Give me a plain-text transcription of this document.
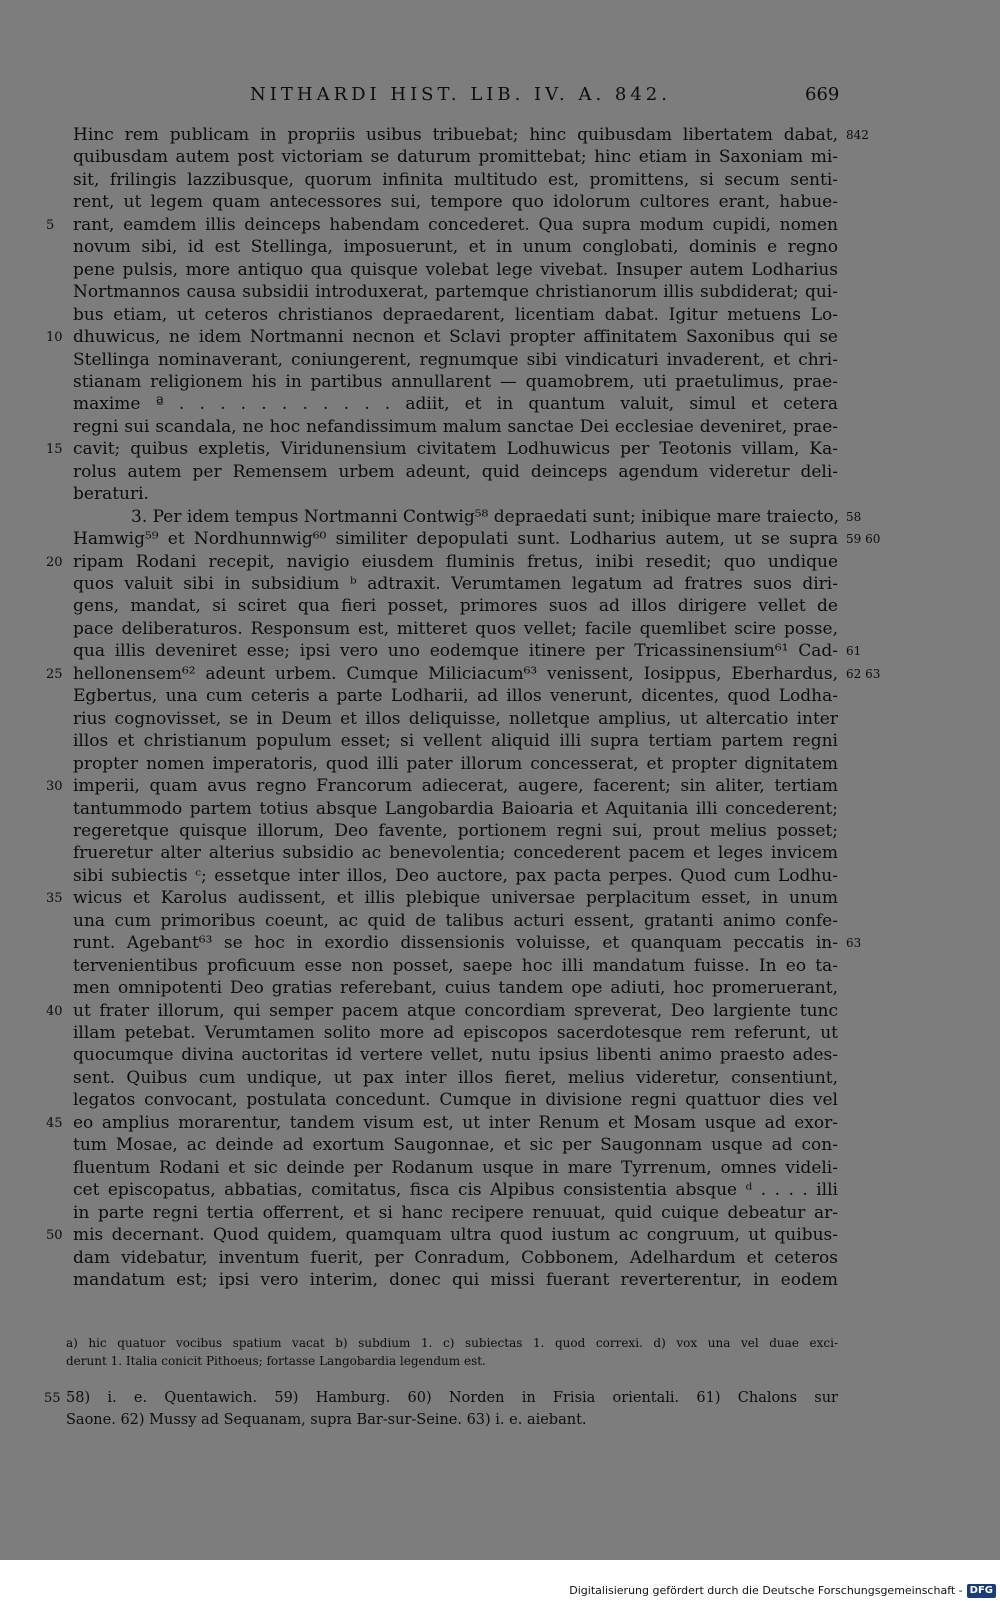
NITHARDI HIST. LIB. IV. A. 842.	669
Hinc rem publicam in propriis usibus tribuebat; hinc quibusdam libertatem dabat, 842
quibusdam autem post victoriam se daturum promittebat; hinc etiam in Saxoniam mi-
sit, frilingis lazzibusque, quorum infinita multitudo est, promittens, si secum senti-
rent, ut legem quam antecessores sui, tempore quo idolorum cultores erant, habue-
rant, eamdem illis deinceps habendam concederet. Qua supra modum cupidi, nomen
5
novum sibi, id est Stellinga, imposuerunt, et in unum conglobati, dominis e regno
pene pulsis, more antiquo qua quisque volebat lege vivebat. Insuper autem Lodharius
Nortmannos causa subsidii introduxerat, partemque christianorum illis subdiderat; qui-
bus etiam, ut ceteros christianos depraedarent, licentiam dabat. Igitur metuens Lo-
dhuwicus, ne idem Nortmanni necnon et Sclavi propter affinitatem Saxonibus qui se
10
Stellinga nominaverant, coniungerent, regnumque sibi vindicaturi invaderent, et chri-
stianam religionem his in partibus annullarent — quamobrem, uti praetulimus, prae-
maxime ª . . . . . . . . . . . adiit, et in quantum valuit, simul et cetera
regni sui scandala, ne hoc nefandissimum malum sanctae Dei ecclesiae deveniret, prae-
cavit; quibus expletis, Viridunensium civitatem Lodhuwicus per Teotonis villam, Ka-
15
rolus autem per Remensem urbem adeunt, quid deinceps agendum videretur deli-
beraturi.
3. Per idem tempus Nortmanni Contwig⁵⁸ depraedati sunt; inibique mare traiecto, 58
Hamwig⁵⁹ et Nordhunnwig⁶⁰ similiter depopulati sunt. Lodharius autem, ut se supra 59 60
ripam Rodani recepit, navigio eiusdem fluminis fretus, inibi resedit; quo undique
20
quos valuit sibi in subsidium ᵇ adtraxit. Verumtamen legatum ad fratres suos diri-
gens, mandat, si sciret qua fieri posset, primores suos ad illos dirigere vellet de
pace deliberaturos. Responsum est, mitteret quos vellet; facile quemlibet scire posse,
qua illis deveniret esse; ipsi vero uno eodemque itinere per Tricassinensium⁶¹ Cad- 61
hellonensem⁶² adeunt urbem. Cumque Miliciacum⁶³ venissent, Iosippus, Eberhardus,
25	62 63
Egbertus, una cum ceteris a parte Lodharii, ad illos venerunt, dicentes, quod Lodha-
rius cognovisset, se in Deum et illos deliquisse, nolletque amplius, ut altercatio inter
illos et christianum populum esset; si vellent aliquid illi supra tertiam partem regni
propter nomen imperatoris, quod illi pater illorum concesserat, et propter dignitatem
imperii, quam avus regno Francorum adiecerat, augere, facerent; sin aliter, tertiam
30
tantummodo partem totius absque Langobardia Baioaria et Aquitania illi concederent;
regeretque quisque illorum, Deo favente, portionem regni sui, prout melius posset;
frueretur alter alterius subsidio ac benevolentia; concederent pacem et leges invicem
sibi subiectis ᶜ; essetque inter illos, Deo auctore, pax pacta perpes. Quod cum Lodhu-
wicus et Karolus audissent, et illis plebique universae perplacitum esset, in unum
35
una cum primoribus coeunt, ac quid de talibus acturi essent, gratanti animo confe-
runt. Agebant⁶³ se hoc in exordio dissensionis voluisse, et quanquam peccatis in- 63
tervenientibus proficuum esse non posset, saepe hoc illi mandatum fuisse. In eo ta-
men omnipotenti Deo gratias referebant, cuius tandem ope adiuti, hoc promeruerant,
ut frater illorum, qui semper pacem atque concordiam spreverat, Deo largiente tunc
40
illam petebat. Verumtamen solito more ad episcopos sacerdotesque rem referunt, ut
quocumque divina auctoritas id vertere vellet, nutu ipsius libenti animo praesto ades-
sent. Quibus cum undique, ut pax inter illos fieret, melius videretur, consentiunt,
legatos convocant, postulata concedunt. Cumque in divisione regni quattuor dies vel
eo amplius morarentur, tandem visum est, ut inter Renum et Mosam usque ad exor-
45
tum Mosae, ac deinde ad exortum Saugonnae, et sic per Saugonnam usque ad con-
fluentum Rodani et sic deinde per Rodanum usque in mare Tyrrenum, omnes videli-
cet episcopatus, abbatias, comitatus, fisca cis Alpibus consistentia absque ᵈ . . . . illi
in parte regni tertia offerrent, et si hanc recipere renuuat, quid cuique debeatur ar-
mis decernant. Quod quidem, quamquam ultra quod iustum ac congruum, ut quibus-
50
dam videbatur, inventum fuerit, per Conradum, Cobbonem, Adelhardum et ceteros
mandatum est; ipsi vero interim, donec qui missi fuerant reverterentur, in eodem
a) hic quatuor vocibus spatium vacat b) subdium 1. c) subiectas 1. quod correxi. d) vox una vel duae exci-
derunt 1. Italia conicit Pithoeus; fortasse Langobardia legendum est.
55 58) i. e. Quentawich. 59) Hamburg. 60) Norden in Frisia orientali. 61) Chalons sur
Saone. 62) Mussy ad Sequanam, supra Bar-sur-Seine. 63) i. e. aiebant.
Digitalisierung gefördert durch die Deutsche Forschungsgemeinschaft - DFG
